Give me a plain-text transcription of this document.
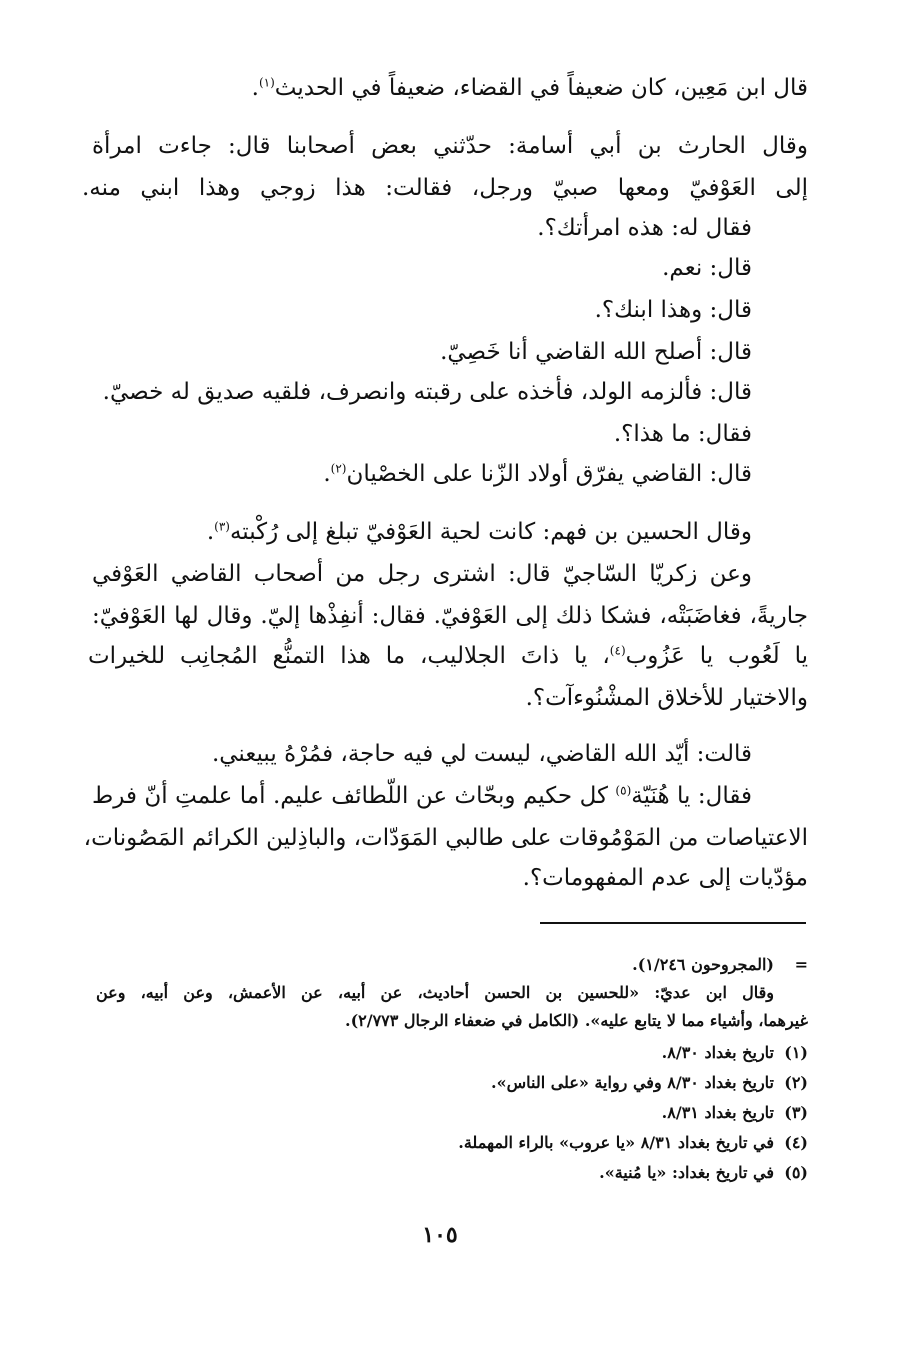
قال ابن مَعِين، كان ضعيفاً في القضاء، ضعيفاً في الحديث$^{(١)}$.
وقال الحارث بن أبي أسامة: حدّثني بعض أصحابنا قال: جاءت امرأة
إلى العَوْفيّ ومعها صبيّ ورجل، فقالت: هذا زوجي وهذا ابني منه.
فقال له: هذه امرأتك؟.
قال: نعم.
قال: وهذا ابنك؟.
قال: أصلح الله القاضي أنا خَصِيّ.
قال: فألزمه الولد، فأخذه على رقبته وانصرف، فلقيه صديق له خصيّ.
فقال: ما هذا؟.
قال: القاضي يفرّق أولاد الزّنا على الخصْيان$^{(٢)}$.
وقال الحسين بن فهم: كانت لحية العَوْفيّ تبلغ إلى رُكْبته$^{(٣)}$.
وعن زكريّا السّاجيّ قال: اشترى رجل من أصحاب القاضي العَوْفي
جاريةً، فغاضَبَتْه، فشكا ذلك إلى العَوْفيّ. فقال: أنفِذْها إليّ. وقال لها العَوْفيّ:
يا لَعُوب يا عَزُوب$^{(٤)}$، يا ذاتَ الجلاليب، ما هذا التمنُّع المُجانِب للخيرات
والاختيار للأخلاق المشْنُوءآت؟.
قالت: أيّد الله القاضي، ليست لي فيه حاجة، فمُرْهُ يبيعني.
فقال: يا هُنَيّة$^{(٥)}$ كل حكيم وبحّاث عن اللّطائف عليم. أما علمتِ أنّ فرط
الاعتياصات من المَوْمُوقات على طالبي المَوَدّات، والباذِلين الكرائم المَصُونات،
مؤدّيات إلى عدم المفهومات؟.
=(المجروحون ١/٢٤٦).
وقال ابن عديّ: «للحسين بن الحسن أحاديث، عن أبيه، عن الأعمش، وعن أبيه، وعن
غيرهما، وأشياء مما لا يتابع عليه». (الكامل في ضعفاء الرجال ٢/٧٧٣).
(١)تاريخ بغداد ٨/٣٠.
(٢)تاريخ بغداد ٨/٣٠ وفي رواية «على الناس».
(٣)تاريخ بغداد ٨/٣١.
(٤)في تاريخ بغداد ٨/٣١ «يا عروب» بالراء المهملة.
(٥)في تاريخ بغداد: «يا مُنية».
١٠٥
